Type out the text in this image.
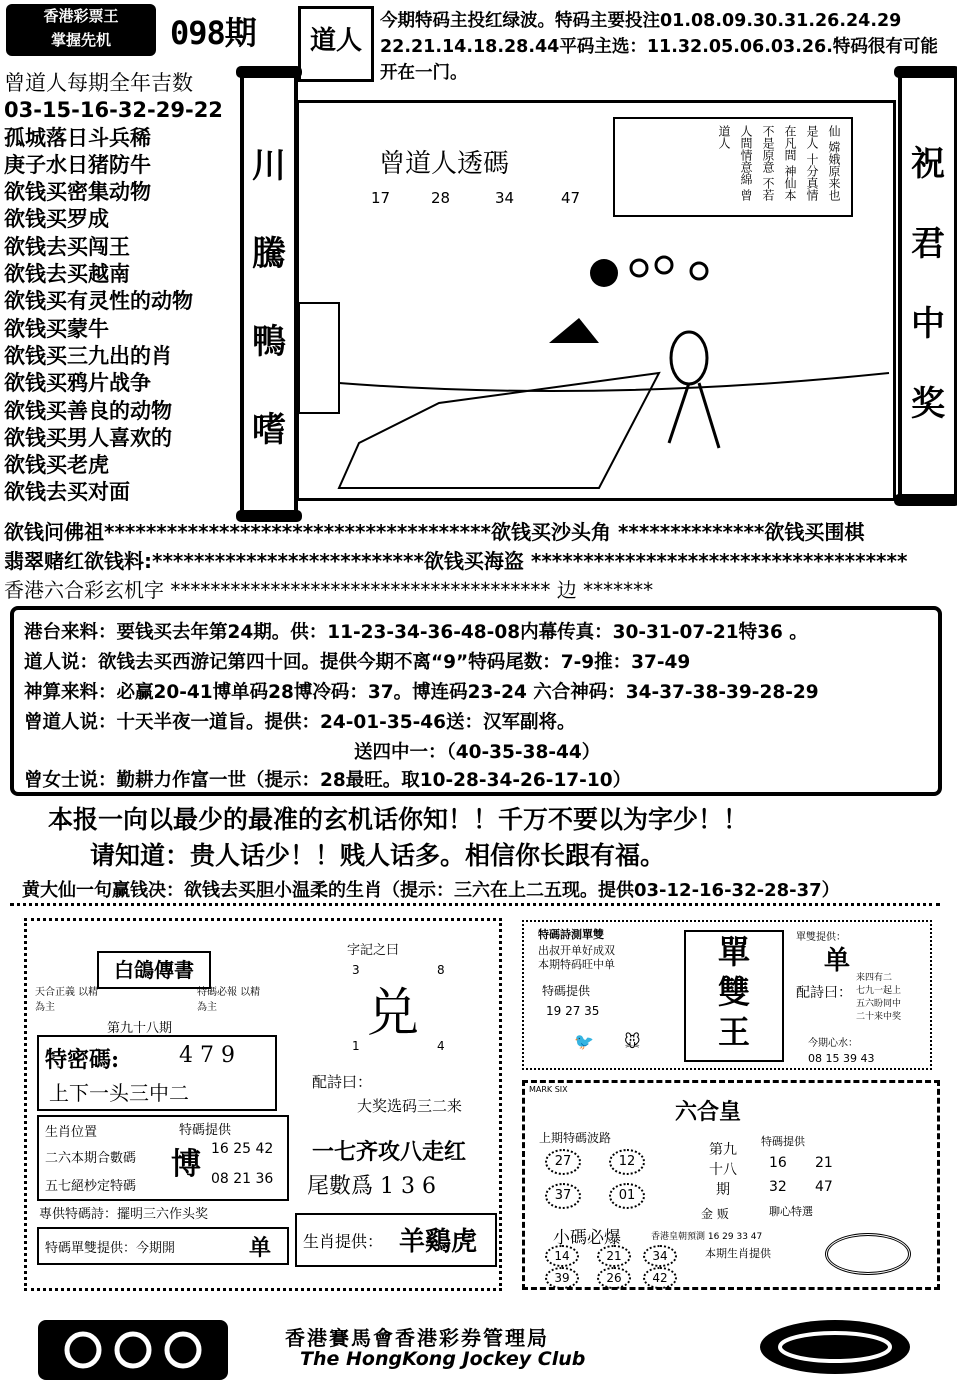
香港彩票王
掌握先机	098期	道人
今期特码主投红绿波。特码主要投注01.08.09.30.31.26.24.29
22.21.14.18.28.44平码主选：11.32.05.06.03.26.特码很有可能
开在一门。
曾道人每期全年吉数
03-15-16-32-29-22
孤城落日斗兵稀
庚子水日猪防牛
欲钱买密集动物
欲钱买罗成
欲钱去买闯王
欲钱去买越南
欲钱买有灵性的动物
欲钱买蒙牛
欲钱买三九出的肖
欲钱买鸦片战争
欲钱买善良的动物
欲钱买男人喜欢的
欲钱买老虎
欲钱去买对面
川
騰
鴨
嗜
曾道人透碼
17	28	34	47
仙 嫦娥原来也是人 十分真情在凡間 神仙本不是原意 不若人間情意綿 曾道人
祝
君
中
奖
欲钱问佛祖*************************************欲钱买沙头角 **************欲钱买围棋
翡翠赌红欲钱料:**************************欲钱买海盗 ************************************
香港六合彩玄机字 ************************************** 边 *******
港台来料：要钱买去年第24期。供：11-23-34-36-48-08内幕传真：30-31-07-21特36 。
道人说：欲钱去买西游记第四十回。提供今期不离“9”特码尾数：7-9推：37-49
神算来料：必赢20-41博单码28博冷码：37。博连码23-24 六合神码：34-37-38-39-28-29
曾道人说：十天半夜一道旨。提供：24-01-35-46送：汉军副将。
送四中一：（40-35-38-44）
曾女士说：勤耕力作富一世（提示：28最旺。取10-28-34-26-17-10）
本报一向以最少的最准的玄机话你知！！千万不要以为字少！！
请知道：贵人话少！！贱人话多。相信你长跟有福。
黄大仙一句赢钱决：欲钱去买胆小温柔的生肖（提示：三六在上二五现。提供03-12-16-32-28-37）
白鴿傳書
天合正義 以精為主
特碼必報 以精為主
第九十八期
特密碼:	4 7 9
上下一头三中二
生肖位置	特碼提供
二六本期合數碼
五七絕杪定特碼
博 16 25 42
08 21 36
專供特碼詩：擺明三六作头奖
特碼單雙提供：今期開	单
字記之曰
3	8
兑
1	4
配詩曰：
大奖选码三二来
一七齐攻八走红
尾數爲 1 3 6
生肖提供： 羊鷄虎
特碼詩測單雙
出叔开单好成双
本期特码旺中单
特碼提供
19 27 35
🐦 🐭
單
雙
王
單雙提供：
单
配詩曰：
来四有二
七九一起上
五六盼同中
二十来中奖
今期心水：
08 15 39 43
MARK SIX
六合皇
上期特碼波路
27	12
37	01
第九十八期
金 贩
特碼提供
16 21
32 47
聊心特選
小碼必爆	香港皇朝預測 16 29 33 47
14	21	34
39	26	42
本期生肖提供
香港賽馬會香港彩券管理局
The HongKong Jockey Club
